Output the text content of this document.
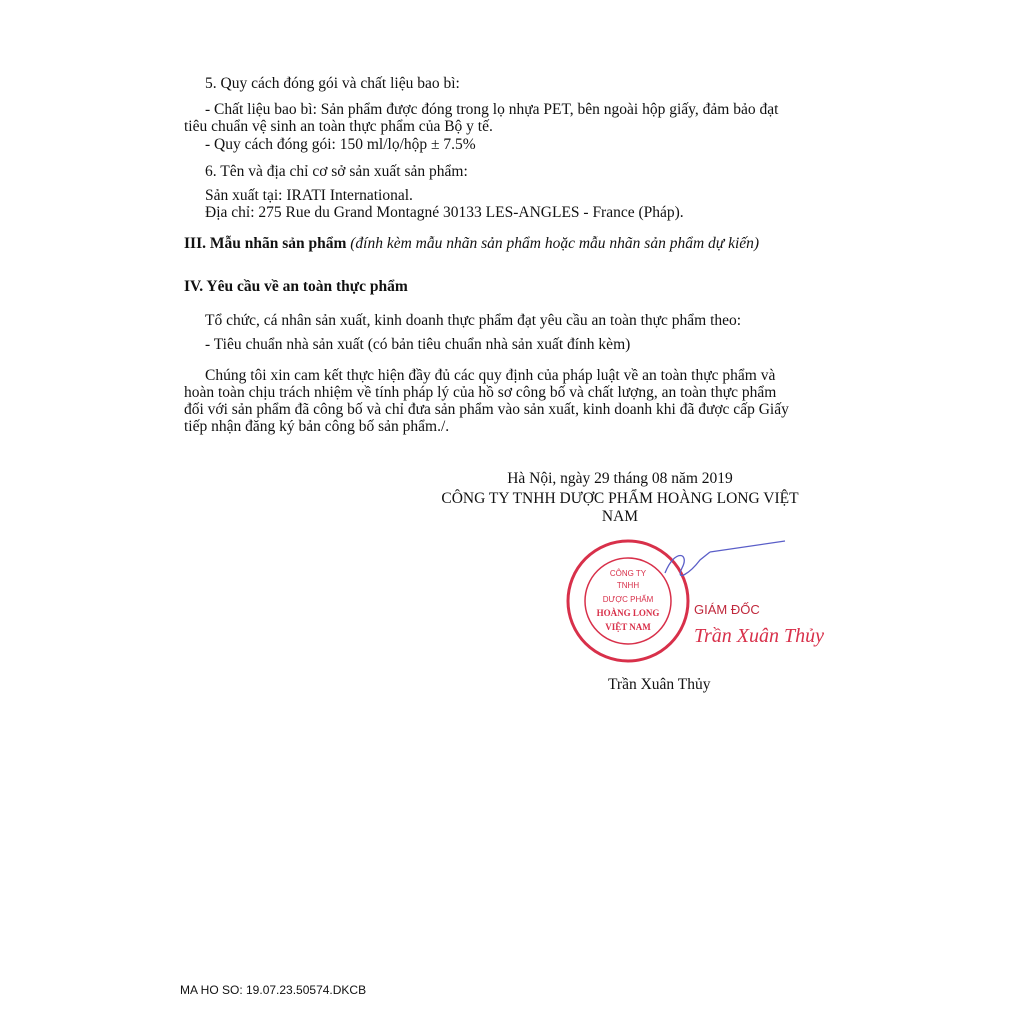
5. Quy cách đóng gói và chất liệu bao bì:
- Chất liệu bao bì: Sản phẩm được đóng trong lọ nhựa PET, bên ngoài hộp giấy, đảm bảo đạt
tiêu chuẩn vệ sinh an toàn thực phẩm của Bộ y tế.
- Quy cách đóng gói: 150 ml/lọ/hộp ± 7.5%
6. Tên và địa chỉ cơ sở sản xuất sản phẩm:
Sản xuất tại: IRATI International.
Địa chỉ: 275 Rue du Grand Montagné 30133 LES-ANGLES - France (Pháp).
III. Mẫu nhãn sản phẩm (đính kèm mẫu nhãn sản phẩm hoặc mẫu nhãn sản phẩm dự kiến)
IV. Yêu cầu về an toàn thực phẩm
Tổ chức, cá nhân sản xuất, kinh doanh thực phẩm đạt yêu cầu an toàn thực phẩm theo:
- Tiêu chuẩn nhà sản xuất (có bản tiêu chuẩn nhà sản xuất đính kèm)
Chúng tôi xin cam kết thực hiện đầy đủ các quy định của pháp luật về an toàn thực phẩm và
hoàn toàn chịu trách nhiệm về tính pháp lý của hồ sơ công bố và chất lượng, an toàn thực phẩm
đối với sản phẩm đã công bố và chỉ đưa sản phẩm vào sản xuất, kinh doanh khi đã được cấp Giấy
tiếp nhận đăng ký bản công bố sản phẩm./.
Hà Nội, ngày 29 tháng 08 năm 2019
CÔNG TY TNHH DƯỢC PHẨM HOÀNG LONG VIỆT
NAM
CÔNG TY
TNHH
DƯỢC PHẨM
HOÀNG LONG
VIỆT NAM
GIÁM ĐỐC
Trần Xuân Thủy
Trần Xuân Thủy
MA HO SO: 19.07.23.50574.DKCB
